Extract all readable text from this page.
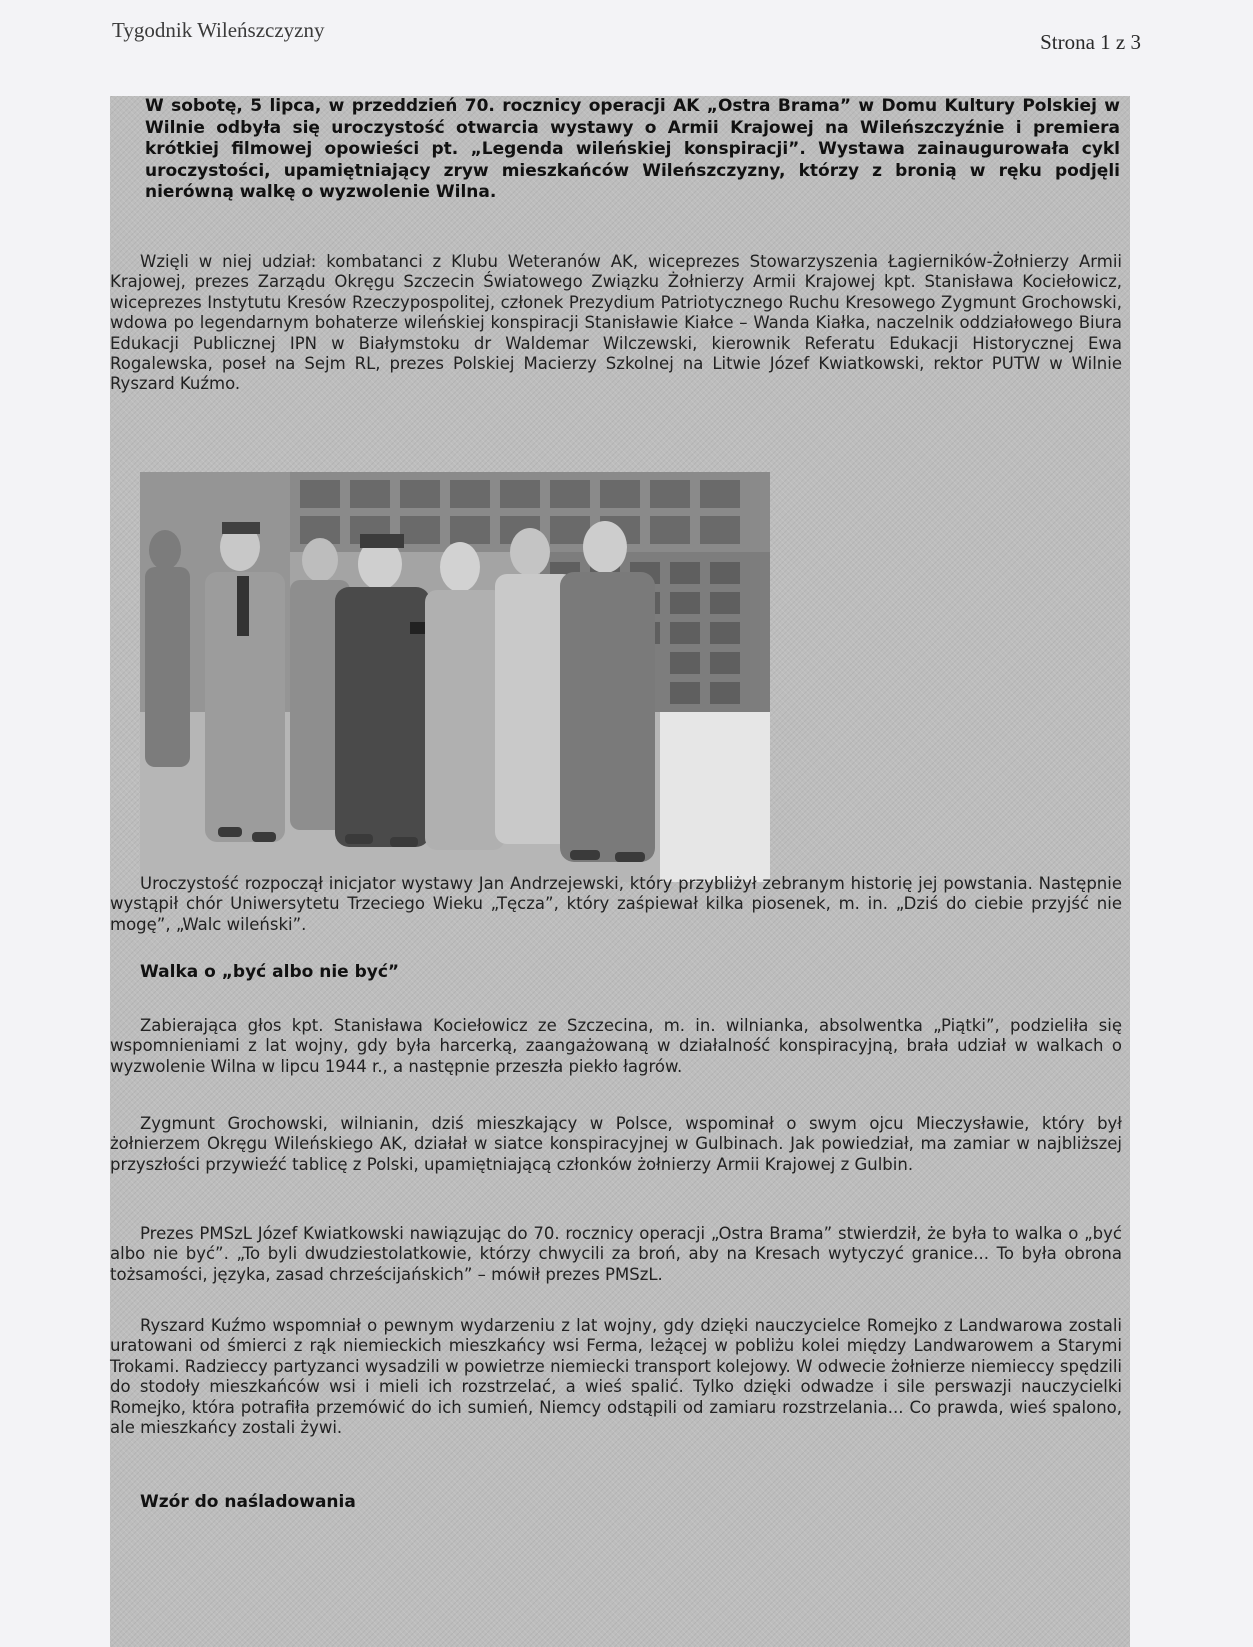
Tygodnik Wileńszczyzny	Strona 1 z 3
W sobotę, 5 lipca, w przeddzień 70. rocznicy operacji AK „Ostra Brama” w Domu Kultury Polskiej w Wilnie odbyła się uroczystość otwarcia wystawy o Armii Krajowej na Wileńszczyźnie i premiera krótkiej filmowej opowieści pt. „Legenda wileńskiej konspiracji”. Wystawa zainaugurowała cykl uroczystości, upamiętniający zryw mieszkańców Wileńszczyzny, którzy z bronią w ręku podjęli nierówną walkę o wyzwolenie Wilna.
Wzięli w niej udział: kombatanci z Klubu Weteranów AK, wiceprezes Stowarzyszenia Łagierników-Żołnierzy Armii Krajowej, prezes Zarządu Okręgu Szczecin Światowego Związku Żołnierzy Armii Krajowej kpt. Stanisława Kociełowicz, wiceprezes Instytutu Kresów Rzeczypospolitej, członek Prezydium Patriotycznego Ruchu Kresowego Zygmunt Grochowski, wdowa po legendarnym bohaterze wileńskiej konspiracji Stanisławie Kiałce – Wanda Kiałka, naczelnik oddziałowego Biura Edukacji Publicznej IPN w Białymstoku dr Waldemar Wilczewski, kierownik Referatu Edukacji Historycznej Ewa Rogalewska, poseł na Sejm RL, prezes Polskiej Macierzy Szkolnej na Litwie Józef Kwiatkowski, rektor PUTW w Wilnie Ryszard Kuźmo.
Uroczystość rozpoczął inicjator wystawy Jan Andrzejewski, który przybliżył zebranym historię jej powstania. Następnie wystąpił chór Uniwersytetu Trzeciego Wieku „Tęcza”, który zaśpiewał kilka piosenek, m. in. „Dziś do ciebie przyjść nie mogę”, „Walc wileński”.
Walka o „być albo nie być”
Zabierająca głos kpt. Stanisława Kociełowicz ze Szczecina, m. in. wilnianka, absolwentka „Piątki”, podzieliła się wspomnieniami z lat wojny, gdy była harcerką, zaangażowaną w działalność konspiracyjną, brała udział w walkach o wyzwolenie Wilna w lipcu 1944 r., a następnie przeszła piekło łagrów.
Zygmunt Grochowski, wilnianin, dziś mieszkający w Polsce, wspominał o swym ojcu Mieczysławie, który był żołnierzem Okręgu Wileńskiego AK, działał w siatce konspiracyjnej w Gulbinach. Jak powiedział, ma zamiar w najbliższej przyszłości przywieźć tablicę z Polski, upamiętniającą członków żołnierzy Armii Krajowej z Gulbin.
Prezes PMSzL Józef Kwiatkowski nawiązując do 70. rocznicy operacji „Ostra Brama” stwierdził, że była to walka o „być albo nie być”. „To byli dwudziestolatkowie, którzy chwycili za broń, aby na Kresach wytyczyć granice... To była obrona tożsamości, języka, zasad chrześcijańskich” – mówił prezes PMSzL.
Ryszard Kuźmo wspomniał o pewnym wydarzeniu z lat wojny, gdy dzięki nauczycielce Romejko z Landwarowa zostali uratowani od śmierci z rąk niemieckich mieszkańcy wsi Ferma, leżącej w pobliżu kolei między Landwarowem a Starymi Trokami. Radzieccy partyzanci wysadzili w powietrze niemiecki transport kolejowy. W odwecie żołnierze niemieccy spędzili do stodoły mieszkańców wsi i mieli ich rozstrzelać, a wieś spalić. Tylko dzięki odwadze i sile perswazji nauczycielki Romejko, która potrafiła przemówić do ich sumień, Niemcy odstąpili od zamiaru rozstrzelania... Co prawda, wieś spalono, ale mieszkańcy zostali żywi.
Wzór do naśladowania
